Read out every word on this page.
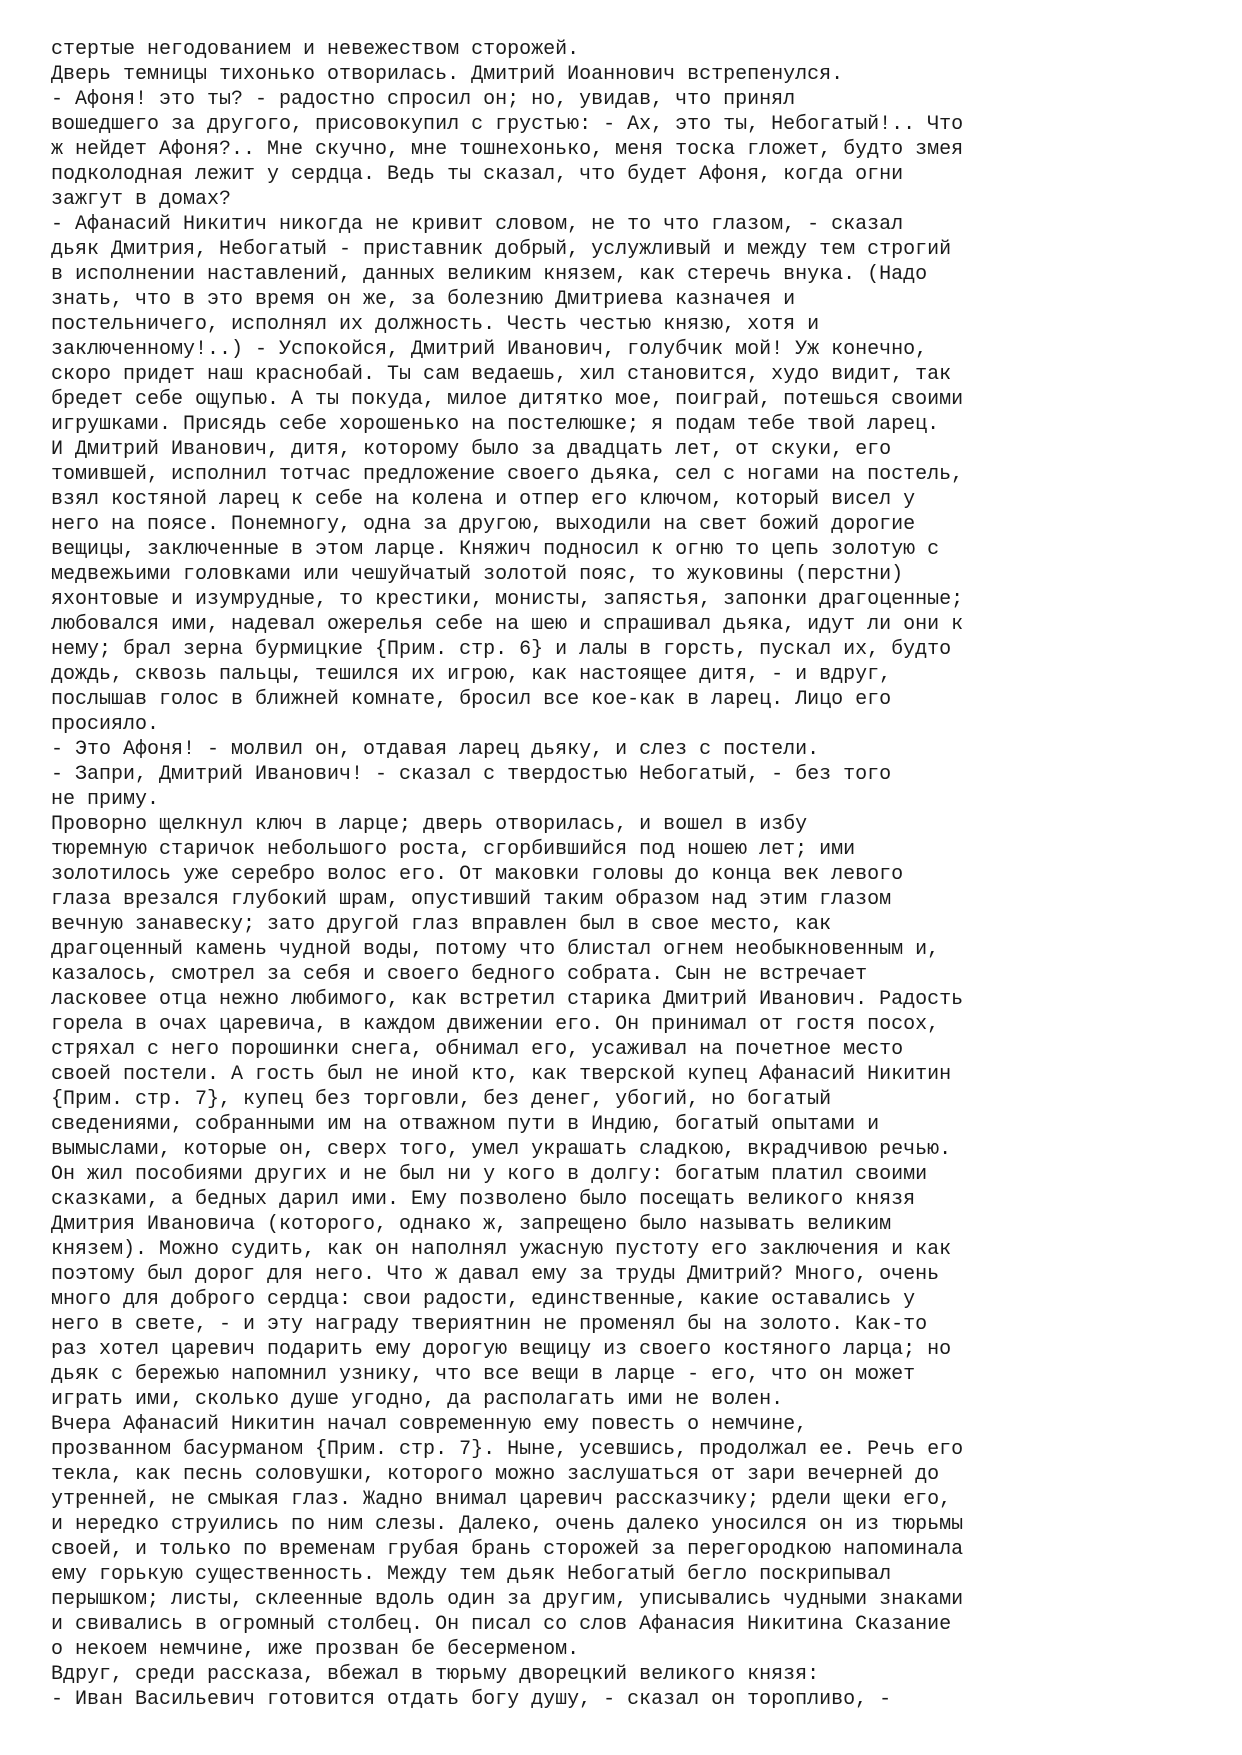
стертые негодованием и невежеством сторожей.
Дверь темницы тихонько отворилась. Дмитрий Иоаннович встрепенулся.
- Афоня! это ты? - радостно спросил он; но, увидав, что принял
вошедшего за другого, присовокупил с грустью: - Ах, это ты, Небогатый!.. Что
ж нейдет Афоня?.. Мне скучно, мне тошнехонько, меня тоска гложет, будто змея
подколодная лежит у сердца. Ведь ты сказал, что будет Афоня, когда огни
зажгут в домах?
- Афанасий Никитич никогда не кривит словом, не то что глазом, - сказал
дьяк Дмитрия, Небогатый - приставник добрый, услужливый и между тем строгий
в исполнении наставлений, данных великим князем, как стеречь внука. (Надо
знать, что в это время он же, за болезнию Дмитриева казначея и
постельничего, исполнял их должность. Честь честью князю, хотя и
заключенному!..) - Успокойся, Дмитрий Иванович, голубчик мой! Уж конечно,
скоро придет наш краснобай. Ты сам ведаешь, хил становится, худо видит, так
бредет себе ощупью. А ты покуда, милое дитятко мое, поиграй, потешься своими
игрушками. Присядь себе хорошенько на постелюшке; я подам тебе твой ларец.
И Дмитрий Иванович, дитя, которому было за двадцать лет, от скуки, его
томившей, исполнил тотчас предложение своего дьяка, сел с ногами на постель,
взял костяной ларец к себе на колена и отпер его ключом, который висел у
него на поясе. Понемногу, одна за другою, выходили на свет божий дорогие
вещицы, заключенные в этом ларце. Княжич подносил к огню то цепь золотую с
медвежьими головками или чешуйчатый золотой пояс, то жуковины (перстни)
яхонтовые и изумрудные, то крестики, монисты, запястья, запонки драгоценные;
любовался ими, надевал ожерелья себе на шею и спрашивал дьяка, идут ли они к
нему; брал зерна бурмицкие {Прим. стр. 6} и лалы в горсть, пускал их, будто
дождь, сквозь пальцы, тешился их игрою, как настоящее дитя, - и вдруг,
послышав голос в ближней комнате, бросил все кое-как в ларец. Лицо его
просияло.
- Это Афоня! - молвил он, отдавая ларец дьяку, и слез с постели.
- Запри, Дмитрий Иванович! - сказал с твердостью Небогатый, - без того
не приму.
Проворно щелкнул ключ в ларце; дверь отворилась, и вошел в избу
тюремную старичок небольшого роста, сгорбившийся под ношею лет; ими
золотилось уже серебро волос его. От маковки головы до конца век левого
глаза врезался глубокий шрам, опустивший таким образом над этим глазом
вечную занавеску; зато другой глаз вправлен был в свое место, как
драгоценный камень чудной воды, потому что блистал огнем необыкновенным и,
казалось, смотрел за себя и своего бедного собрата. Сын не встречает
ласковее отца нежно любимого, как встретил старика Дмитрий Иванович. Радость
горела в очах царевича, в каждом движении его. Он принимал от гостя посох,
стряхал с него порошинки снега, обнимал его, усаживал на почетное место
своей постели. А гость был не иной кто, как тверской купец Афанасий Никитин
{Прим. стр. 7}, купец без торговли, без денег, убогий, но богатый
сведениями, собранными им на отважном пути в Индию, богатый опытами и
вымыслами, которые он, сверх того, умел украшать сладкою, вкрадчивою речью.
Он жил пособиями других и не был ни у кого в долгу: богатым платил своими
сказками, а бедных дарил ими. Ему позволено было посещать великого князя
Дмитрия Ивановича (которого, однако ж, запрещено было называть великим
князем). Можно судить, как он наполнял ужасную пустоту его заключения и как
поэтому был дорог для него. Что ж давал ему за труды Дмитрий? Много, очень
много для доброго сердца: свои радости, единственные, какие оставались у
него в свете, - и эту награду твериятнин не променял бы на золото. Как-то
раз хотел царевич подарить ему дорогую вещицу из своего костяного ларца; но
дьяк с бережью напомнил узнику, что все вещи в ларце - его, что он может
играть ими, сколько душе угодно, да располагать ими не волен.
Вчера Афанасий Никитин начал современную ему повесть о немчине,
прозванном басурманом {Прим. стр. 7}. Ныне, усевшись, продолжал ее. Речь его
текла, как песнь соловушки, которого можно заслушаться от зари вечерней до
утренней, не смыкая глаз. Жадно внимал царевич рассказчику; рдели щеки его,
и нередко струились по ним слезы. Далеко, очень далеко уносился он из тюрьмы
своей, и только по временам грубая брань сторожей за перегородкою напоминала
ему горькую существенность. Между тем дьяк Небогатый бегло поскрипывал
перышком; листы, склеенные вдоль один за другим, уписывались чудными знаками
и свивались в огромный столбец. Он писал со слов Афанасия Никитина Сказание
о некоем немчине, иже прозван бе бесерменом.
Вдруг, среди рассказа, вбежал в тюрьму дворецкий великого князя:
- Иван Васильевич готовится отдать богу душу, - сказал он торопливо, -
